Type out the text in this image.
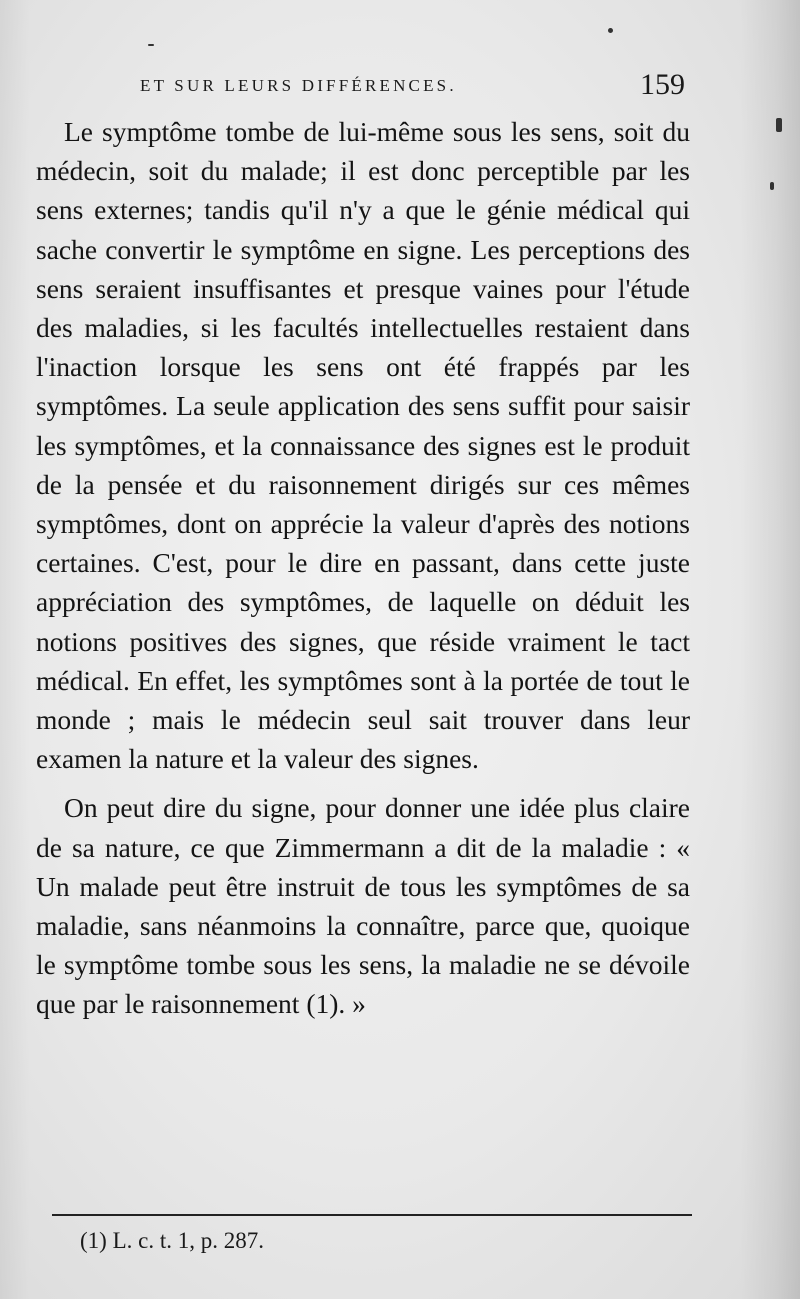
ET SUR LEURS DIFFÉRENCES.	159

Le symptôme tombe de lui-même sous les sens, soit du médecin, soit du malade; il est donc perceptible par les sens externes; tandis qu'il n'y a que le génie médical qui sache convertir le symptôme en signe. Les perceptions des sens seraient insuffisantes et presque vaines pour l'étude des maladies, si les facultés intellectuelles restaient dans l'inaction lorsque les sens ont été frappés par les symptômes. La seule application des sens suffit pour saisir les symptômes, et la connaissance des signes est le produit de la pensée et du raisonnement dirigés sur ces mêmes symptômes, dont on apprécie la valeur d'après des notions certaines. C'est, pour le dire en passant, dans cette juste appréciation des symptômes, de laquelle on déduit les notions positives des signes, que réside vraiment le tact médical. En effet, les symptômes sont à la portée de tout le monde ; mais le médecin seul sait trouver dans leur examen la nature et la valeur des signes.

On peut dire du signe, pour donner une idée plus claire de sa nature, ce que Zimmermann a dit de la maladie : « Un malade peut être instruit de tous les symptômes de sa maladie, sans néanmoins la connaître, parce que, quoique le symptôme tombe sous les sens, la maladie ne se dévoile que par le raisonnement (1). »

(1) L. c. t. 1, p. 287.
